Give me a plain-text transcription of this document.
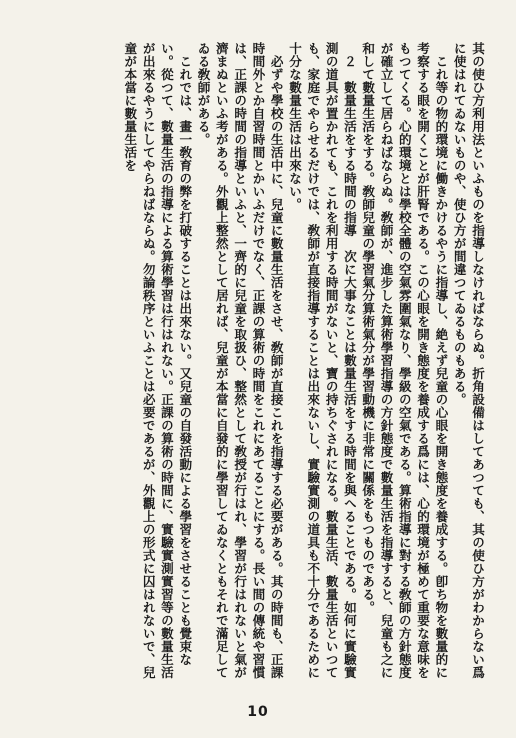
其の使ひ方利用法といふものを指導しなければならぬ。折角設備はしてあつても、其の使ひ方がわからない爲に使はれてゐないものや、使ひ方が間違つてゐるものもある。

　これ等の物的環境に働きかけるやうに指導し、絶えず兒童の心眼を開き態度を養成する。卽ち物を數量的に考察する眼を開くことが肝腎である。この心眼を開き態度を養成する爲には、心的環境が極めて重要な意味をもつてくる。心的環境とは學校全體の空氣雰圍氣なり、學級の空氣である。算術指導に對する敎師の方針態度が確立して居らねばならぬ。敎師が、進步した算術學習指導の方針態度で數量生活を指導すると、兒童も之に和して數量生活をする。敎師兒童の學習氣分算術氣分が學習動機に非常に關係をもつものである。

　２　數量生活をする時間の指導　次に大事なことは數量生活をする時間を與へることである。如何に實驗實測の道具が置かれても、これを利用する時間がないと、寶の持ちぐされになる。數量生活、數量生活といつても、家庭でやらせるだけでは、敎師が直接指導することは出來ないし、實驗實測の道具も不十分であるために十分な數量生活は出來ない。

　必ずや學校の生活中に、兒童に數量生活をさせ、敎師が直接これを指導する必要がある。其の時間も、正課時間外とか自習時間とかいふだけでなく、正課の算術の時間をこれにあてることにする。長い間の傳統や習慣は、正課の時間の指導といふと、一齊的に兒童を取扱ひ、整然として敎授が行はれ、學習が行はれないと氣が濟まぬといふ考がある。外觀上整然として居れば、兒童が本當に自發的に學習してゐなくともそれで滿足してゐる敎師がある。

　これでは、畫一敎育の弊を打破することは出來ない。又兒童の自發活動による學習をさせることも覺束ない。從つて、數量生活の指導による算術學習は行はれない。正課の算術の時間に、實驗實測實習等の數量生活が出來るやうにしてやらねばならぬ。勿論秩序といふことは必要であるが、外觀上の形式に囚はれないで、兒童が本當に數量生活を

10
